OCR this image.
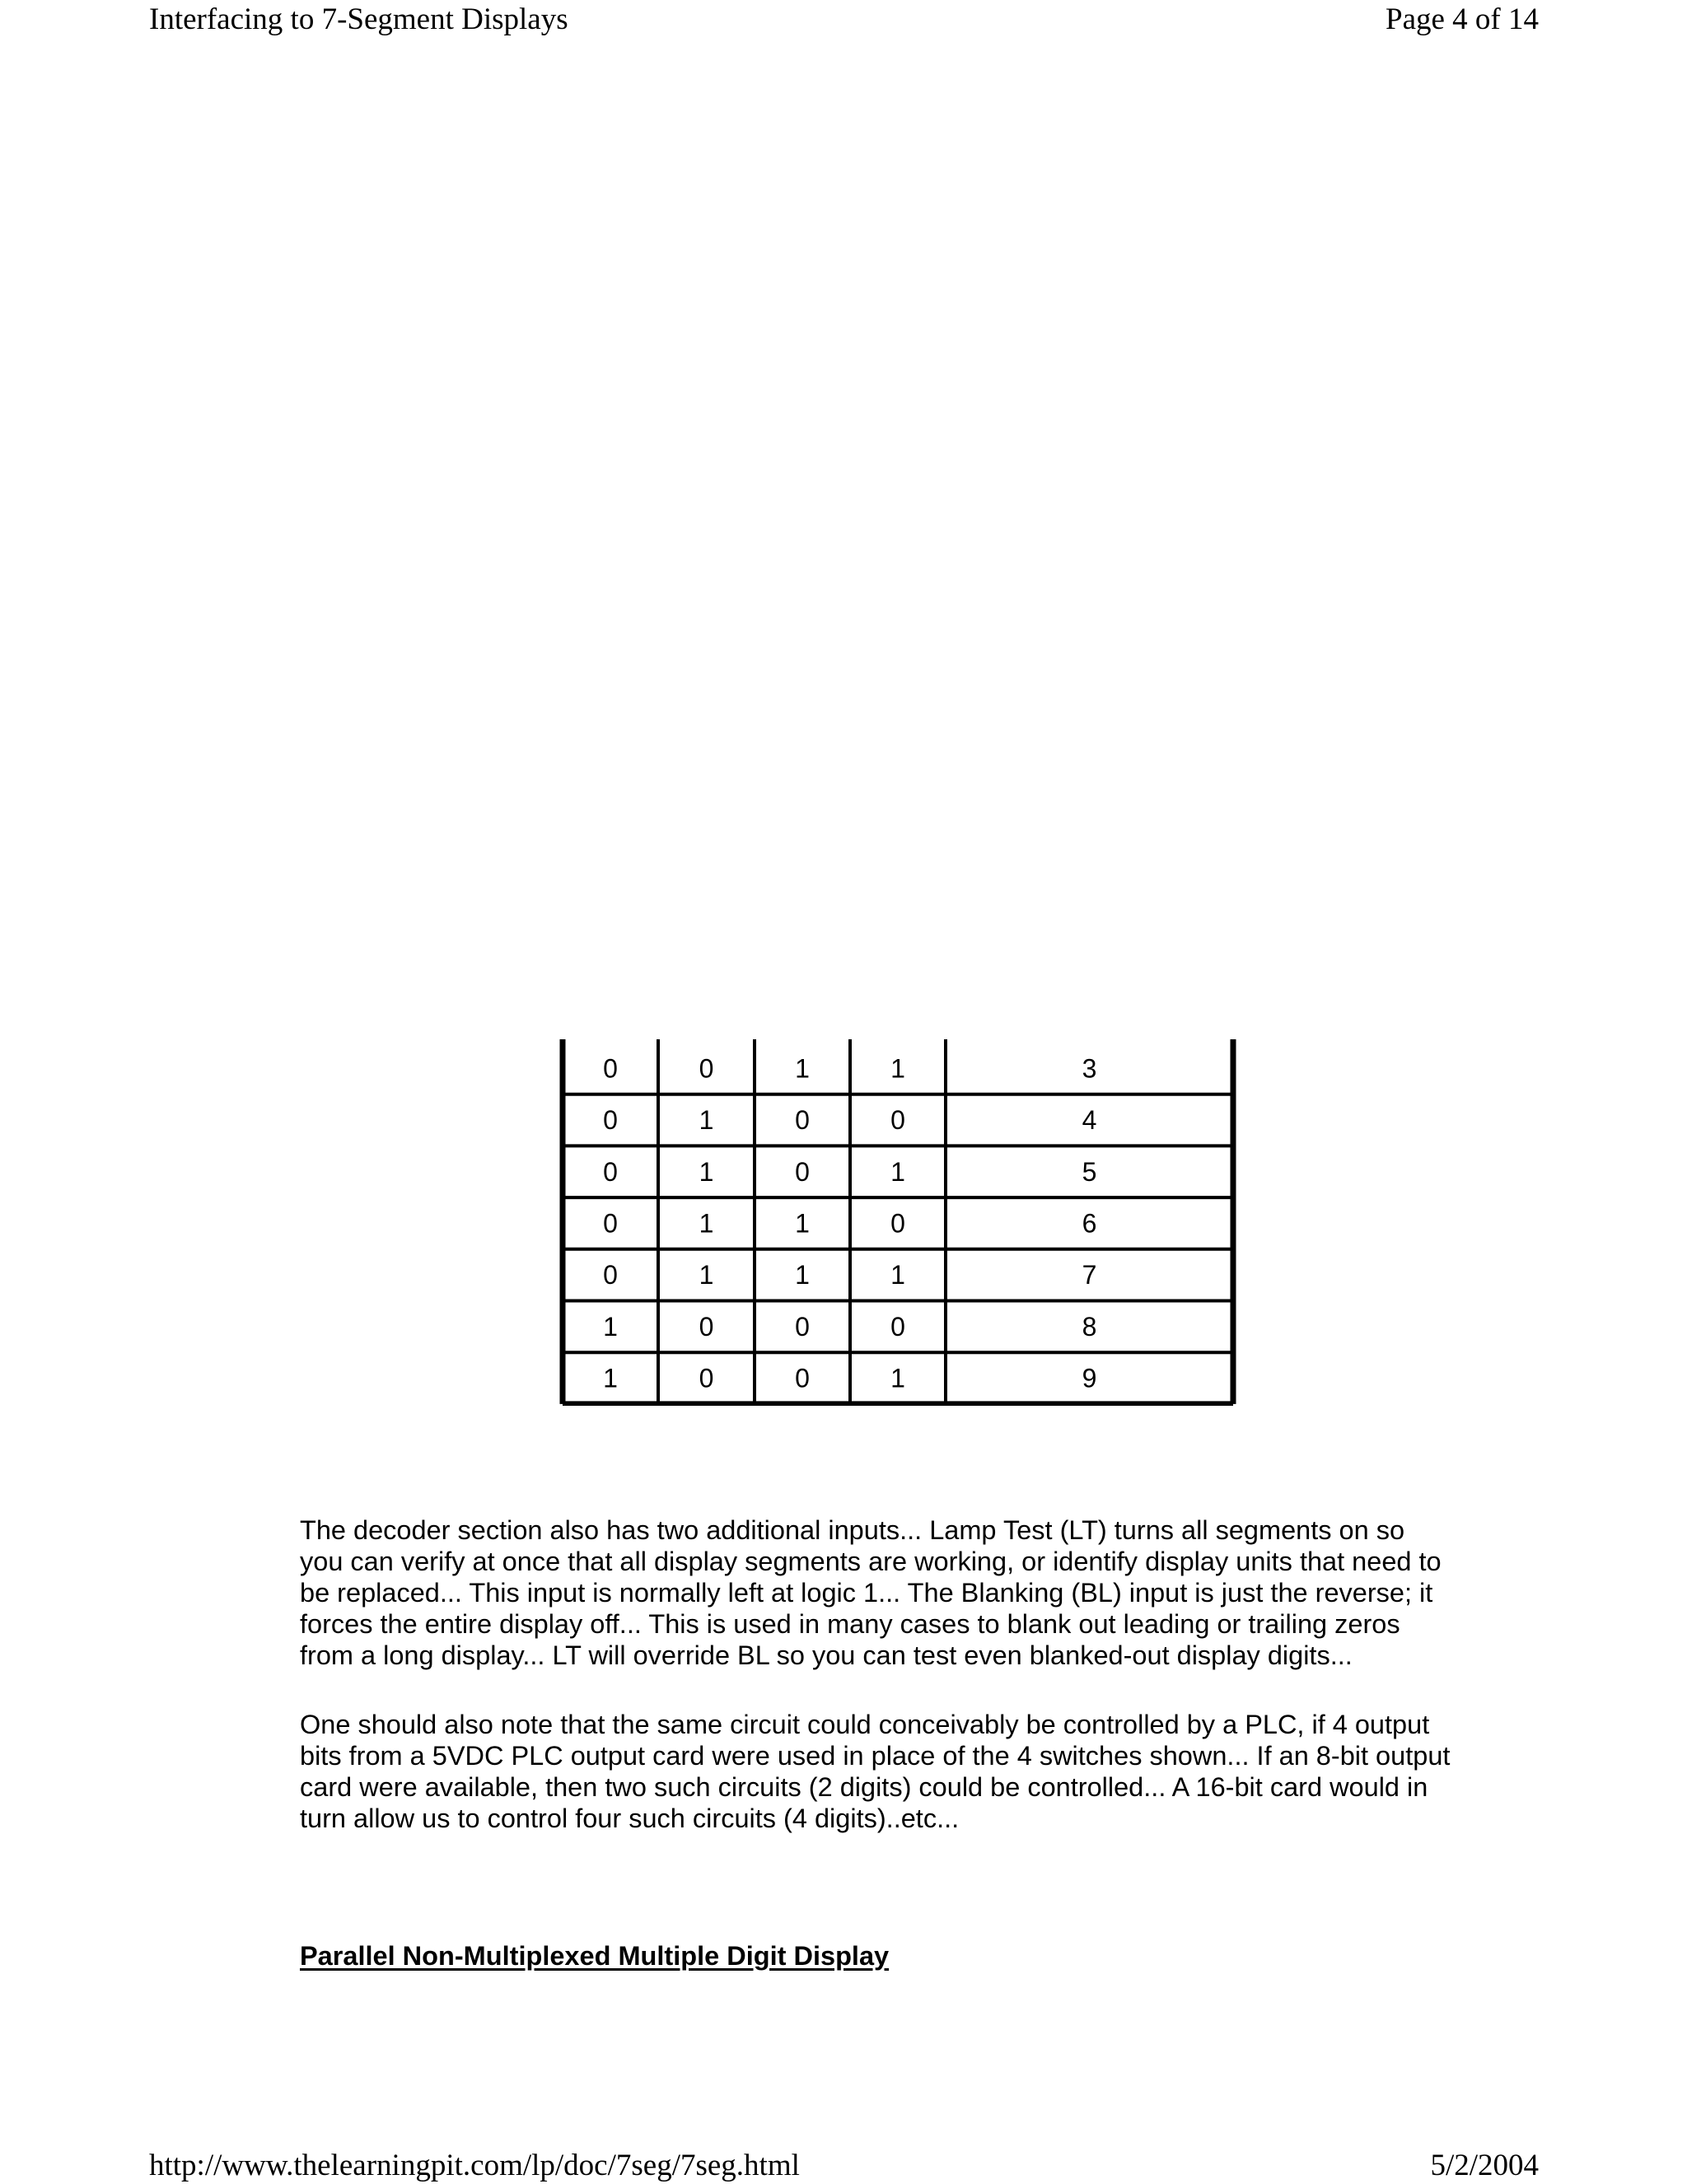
Interfacing to 7-Segment Displays	Page 4 of 14
0	0	1	1	3
0	1	0	0	4
0	1	0	1	5
0	1	1	0	6
0	1	1	1	7
1	0	0	0	8
1	0	0	1	9

The decoder section also has two additional inputs... Lamp Test (LT) turns all segments on so
you can verify at once that all display segments are working, or identify display units that need to
be replaced... This input is normally left at logic 1... The Blanking (BL) input is just the reverse; it
forces the entire display off... This is used in many cases to blank out leading or trailing zeros
from a long display... LT will override BL so you can test even blanked-out display digits...

One should also note that the same circuit could conceivably be controlled by a PLC, if 4 output
bits from a 5VDC PLC output card were used in place of the 4 switches shown... If an 8-bit output
card were available, then two such circuits (2 digits) could be controlled... A 16-bit card would in
turn allow us to control four such circuits (4 digits)..etc...

Parallel Non-Multiplexed Multiple Digit Display
http://www.thelearningpit.com/lp/doc/7seg/7seg.html	5/2/2004
